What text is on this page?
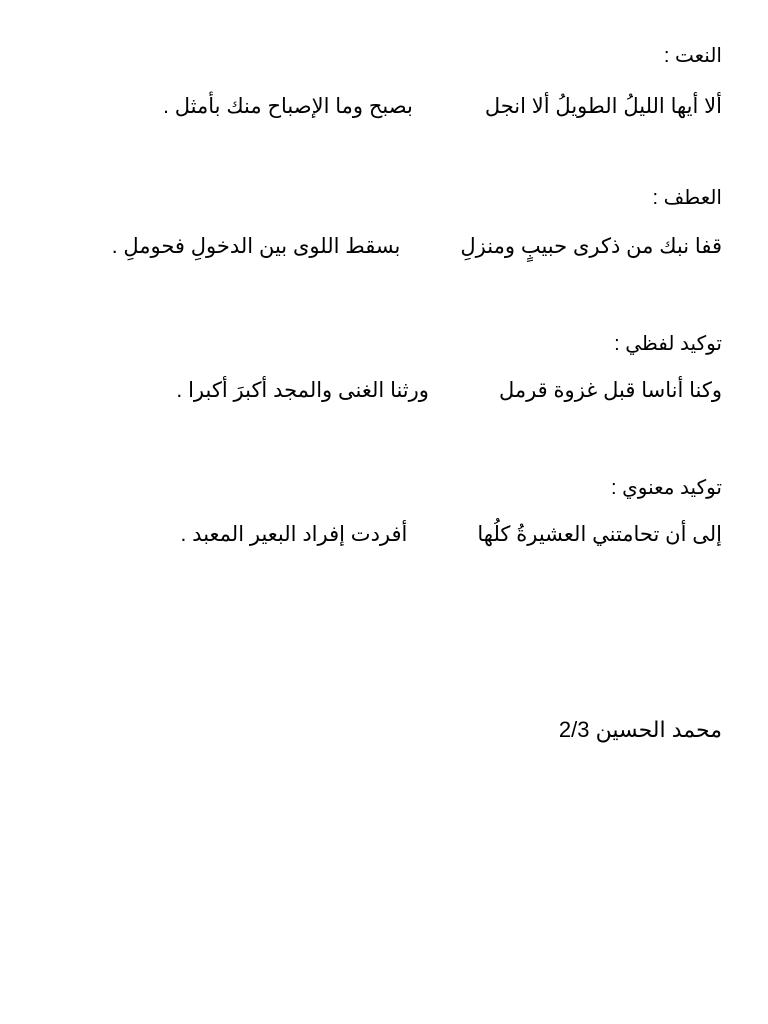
النعت :
ألا أيها الليلُ الطويلُ ألا انجل
بصبح وما الإصباح منك بأمثل .
العطف :
قفا نبك من ذكرى حبيبٍ ومنزلِ
بسقط اللوى بين الدخولِ فحوملِ .
توكيد لفظي :
وكنا أناسا قبل غزوة قرمل
ورثنا الغنى والمجد أكبرَ أكبرا .
توكيد معنوي :
إلى أن تحامتني العشيرةُ كلُها
أفردت إفراد البعير المعبد .
محمد الحسين 2/3
